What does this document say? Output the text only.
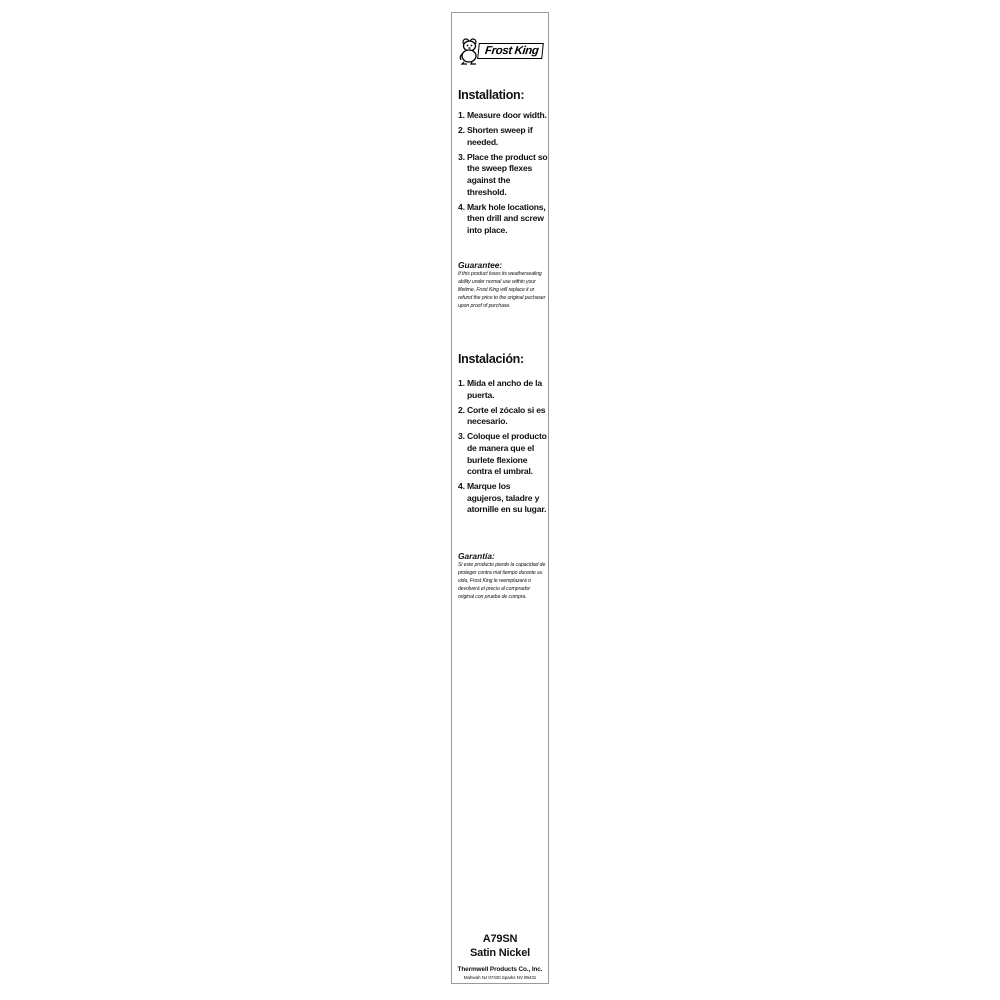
Frost King
Installation:
1. Measure door width.
2. Shorten sweep if needed.
3. Place the product so the sweep flexes against the threshold.
4. Mark hole locations, then drill and screw into place.
Guarantee:
If this product loses its weathersealing ability under normal use within your lifetime, Frost King will replace it or refund the price to the original puchaser upon proof of purchase.
Instalación:
1. Mida el ancho de la puerta.
2. Corte el zócalo si es necesario.
3. Coloque el producto de manera que el burlete flexione contra el umbral.
4. Marque los agujeros, taladre y atornille en su lugar.
Garantía:
Si este producto pierde la capacidad de proteger contra mal tiempo durante su vida, Frost King le reemplazará o devolverá el precio al comprador original con prueba de compra.
A79SN
Satin Nickel
Thermwell Products Co., Inc.
Mahwah NJ 07430 Sparks NV 89431
